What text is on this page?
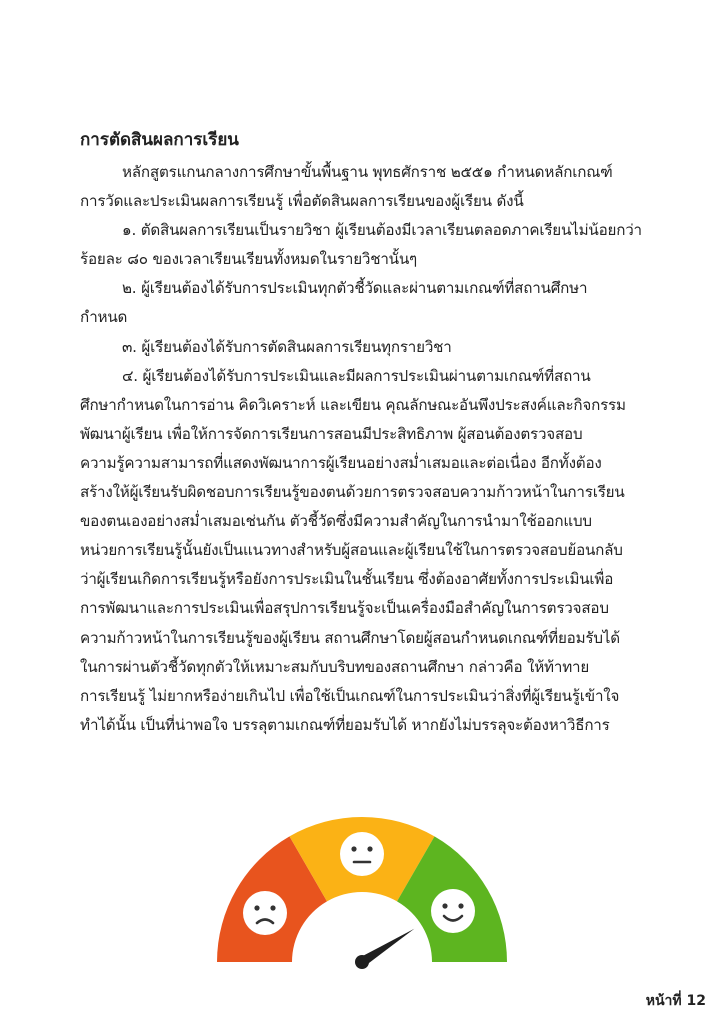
การตัดสินผลการเรียน
หลักสูตรแกนกลางการศึกษาขั้นพื้นฐาน พุทธศักราช ๒๕๕๑ กำหนดหลักเกณฑ์
การวัดและประเมินผลการเรียนรู้ เพื่อตัดสินผลการเรียนของผู้เรียน ดังนี้
๑. ตัดสินผลการเรียนเป็นรายวิชา ผู้เรียนต้องมีเวลาเรียนตลอดภาคเรียนไม่น้อยกว่า
ร้อยละ ๘๐ ของเวลาเรียนเรียนทั้งหมดในรายวิชานั้นๆ
๒. ผู้เรียนต้องได้รับการประเมินทุกตัวชี้วัดและผ่านตามเกณฑ์ที่สถานศึกษา
กำหนด
๓. ผู้เรียนต้องได้รับการตัดสินผลการเรียนทุกรายวิชา
๔. ผู้เรียนต้องได้รับการประเมินและมีผลการประเมินผ่านตามเกณฑ์ที่สถาน
ศึกษากำหนดในการอ่าน คิดวิเคราะห์ และเขียน คุณลักษณะอันพึงประสงค์และกิจกรรม
พัฒนาผู้เรียน เพื่อให้การจัดการเรียนการสอนมีประสิทธิภาพ ผู้สอนต้องตรวจสอบ
ความรู้ความสามารถที่แสดงพัฒนาการผู้เรียนอย่างสม่ำเสมอและต่อเนื่อง อีกทั้งต้อง
สร้างให้ผู้เรียนรับผิดชอบการเรียนรู้ของตนด้วยการตรวจสอบความก้าวหน้าในการเรียน
ของตนเองอย่างสม่ำเสมอเช่นกัน ตัวชี้วัดซึ่งมีความสำคัญในการนำมาใช้ออกแบบ
หน่วยการเรียนรู้นั้นยังเป็นแนวทางสำหรับผู้สอนและผู้เรียนใช้ในการตรวจสอบย้อนกลับ
ว่าผู้เรียนเกิดการเรียนรู้หรือยังการประเมินในชั้นเรียน ซึ่งต้องอาศัยทั้งการประเมินเพื่อ
การพัฒนาและการประเมินเพื่อสรุปการเรียนรู้จะเป็นเครื่องมือสำคัญในการตรวจสอบ
ความก้าวหน้าในการเรียนรู้ของผู้เรียน สถานศึกษาโดยผู้สอนกำหนดเกณฑ์ที่ยอมรับได้
ในการผ่านตัวชี้วัดทุกตัวให้เหมาะสมกับบริบทของสถานศึกษา กล่าวคือ ให้ท้าทาย
การเรียนรู้ ไม่ยากหรือง่ายเกินไป เพื่อใช้เป็นเกณฑ์ในการประเมินว่าสิ่งที่ผู้เรียนรู้เข้าใจ
ทำได้นั้น เป็นที่น่าพอใจ บรรลุตามเกณฑ์ที่ยอมรับได้ หากยังไม่บรรลุจะต้องหาวิธีการ
หน้าที่ 12
